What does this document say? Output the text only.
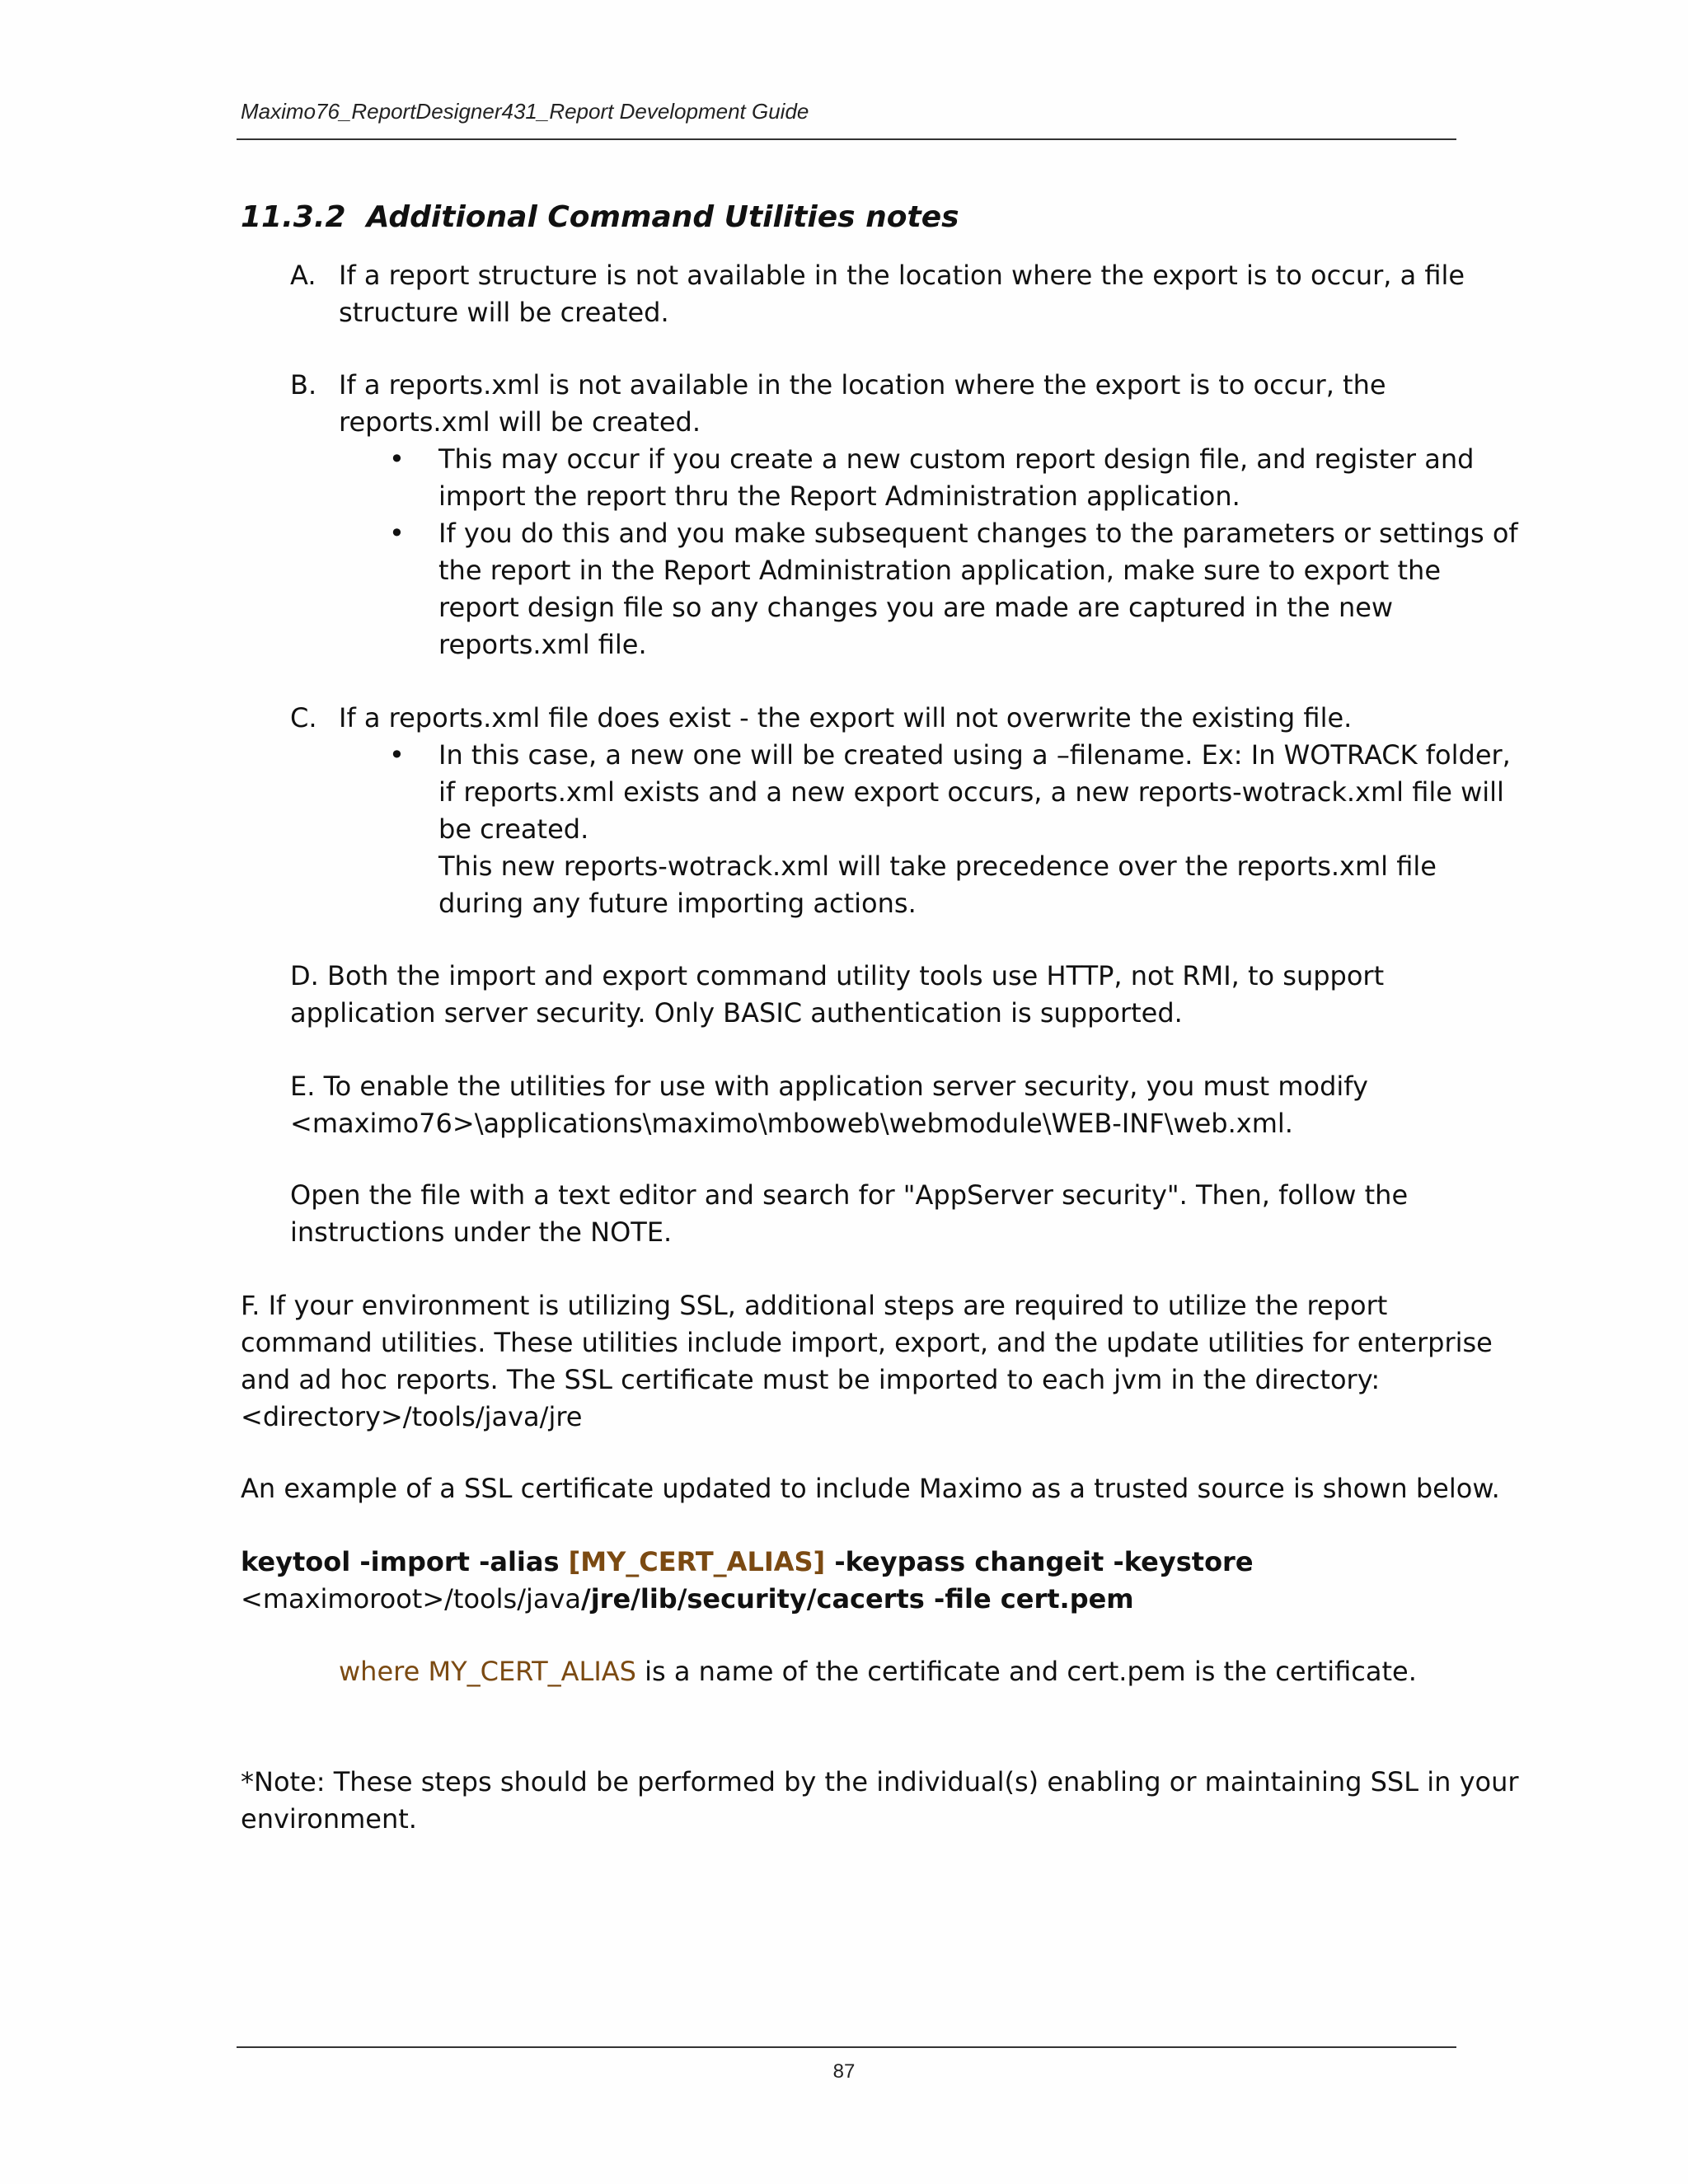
Maximo76_ReportDesigner431_Report Development Guide
11.3.2 Additional Command Utilities notes
A. If a report structure is not available in the location where the export is to occur, a file
structure will be created.
B. If a reports.xml is not available in the location where the export is to occur, the
reports.xml will be created.
• This may occur if you create a new custom report design file, and register and
import the report thru the Report Administration application.
• If you do this and you make subsequent changes to the parameters or settings of
the report in the Report Administration application, make sure to export the
report design file so any changes you are made are captured in the new
reports.xml file.
C. If a reports.xml file does exist - the export will not overwrite the existing file.
• In this case, a new one will be created using a –filename. Ex: In WOTRACK folder,
if reports.xml exists and a new export occurs, a new reports-wotrack.xml file will
be created.
This new reports-wotrack.xml will take precedence over the reports.xml file
during any future importing actions.
D. Both the import and export command utility tools use HTTP, not RMI, to support
application server security. Only BASIC authentication is supported.
E. To enable the utilities for use with application server security, you must modify
<maximo76>\applications\maximo\mboweb\webmodule\WEB-INF\web.xml.
Open the file with a text editor and search for "AppServer security". Then, follow the
instructions under the NOTE.
F. If your environment is utilizing SSL, additional steps are required to utilize the report
command utilities. These utilities include import, export, and the update utilities for enterprise
and ad hoc reports. The SSL certificate must be imported to each jvm in the directory:
<directory>/tools/java/jre
An example of a SSL certificate updated to include Maximo as a trusted source is shown below.
keytool -import -alias [MY_CERT_ALIAS] -keypass changeit -keystore
<maximoroot>/tools/java/jre/lib/security/cacerts -file cert.pem
where MY_CERT_ALIAS is a name of the certificate and cert.pem is the certificate.
*Note: These steps should be performed by the individual(s) enabling or maintaining SSL in your
environment.
87
